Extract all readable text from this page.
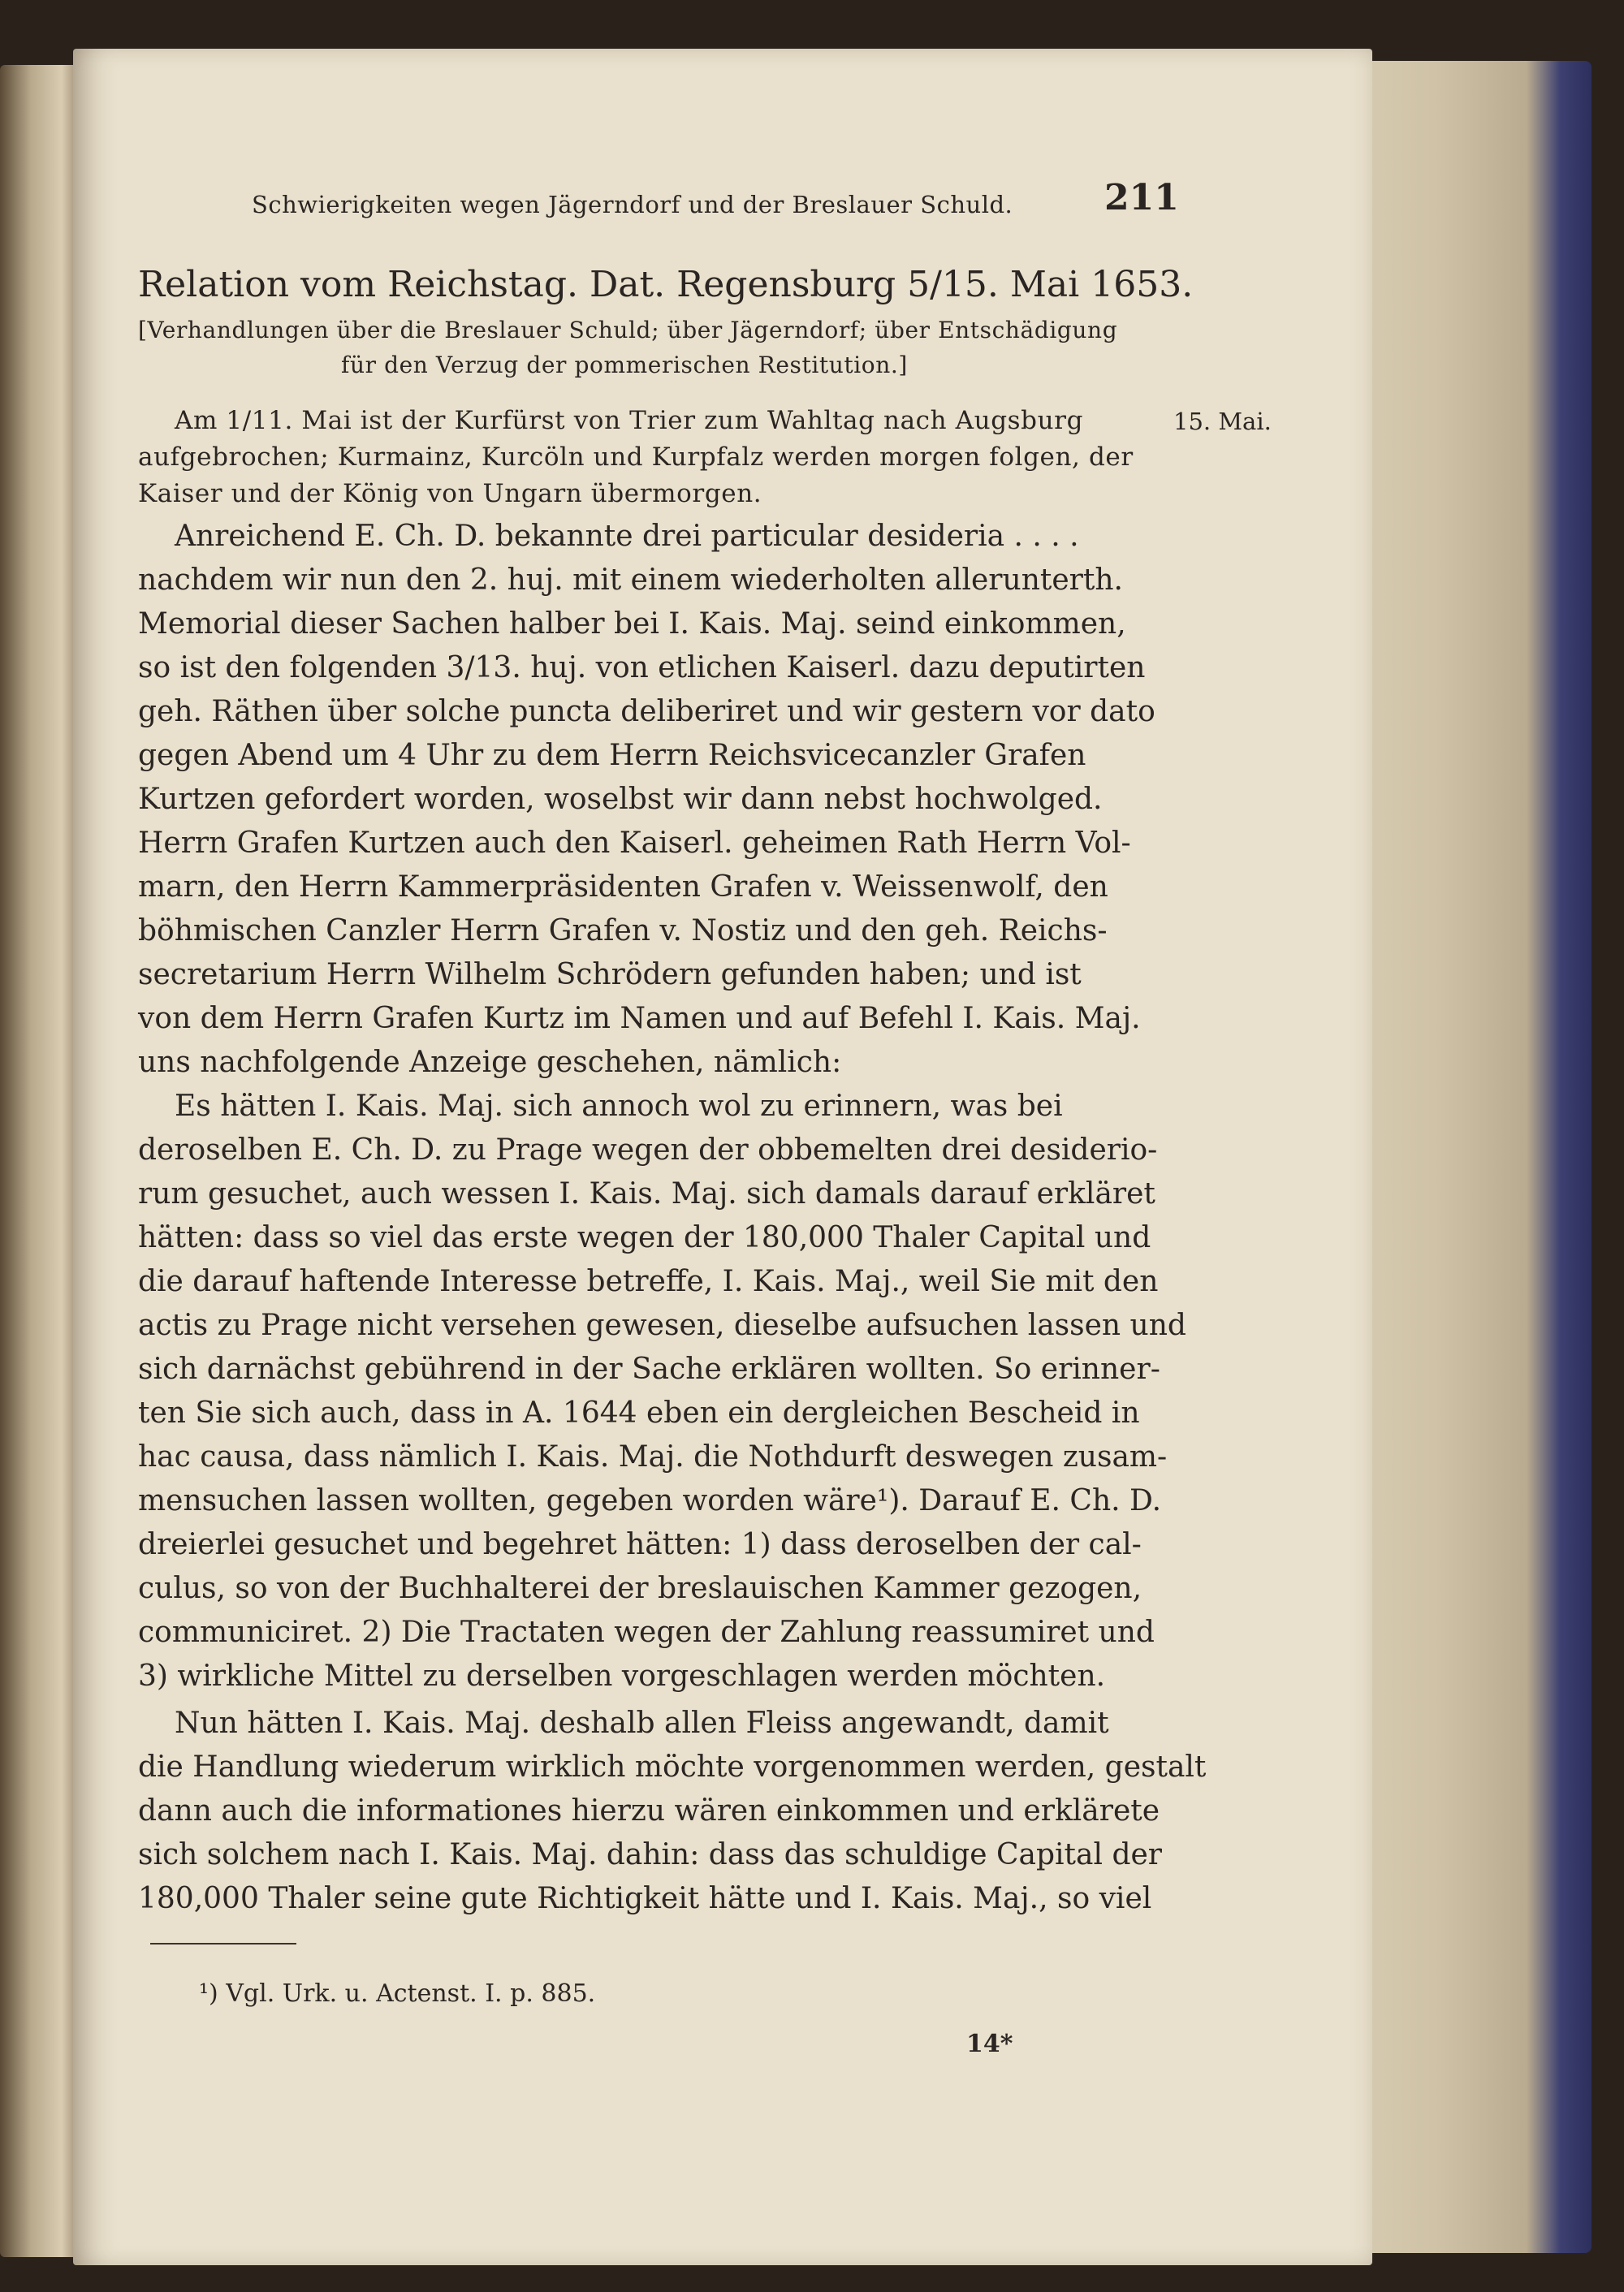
Schwierigkeiten wegen Jägerndorf und der Breslauer Schuld.	211
Relation vom Reichstag. Dat. Regensburg 5/15. Mai 1653.
[Verhandlungen über die Breslauer Schuld; über Jägerndorf; über Entschädigung
für den Verzug der pommerischen Restitution.]
Am 1/11. Mai ist der Kurfürst von Trier zum Wahltag nach Augsburg
aufgebrochen; Kurmainz, Kurcöln und Kurpfalz werden morgen folgen, der
Kaiser und der König von Ungarn übermorgen.
15. Mai.
Anreichend E. Ch. D. bekannte drei particular desideria . . . .
nachdem wir nun den 2. huj. mit einem wiederholten allerunterth.
Memorial dieser Sachen halber bei I. Kais. Maj. seind einkommen,
so ist den folgenden 3/13. huj. von etlichen Kaiserl. dazu deputirten
geh. Räthen über solche puncta deliberiret und wir gestern vor dato
gegen Abend um 4 Uhr zu dem Herrn Reichsvicecanzler Grafen
Kurtzen gefordert worden, woselbst wir dann nebst hochwolged.
Herrn Grafen Kurtzen auch den Kaiserl. geheimen Rath Herrn Vol-
marn, den Herrn Kammerpräsidenten Grafen v. Weissenwolf, den
böhmischen Canzler Herrn Grafen v. Nostiz und den geh. Reichs-
secretarium Herrn Wilhelm Schrödern gefunden haben; und ist
von dem Herrn Grafen Kurtz im Namen und auf Befehl I. Kais. Maj.
uns nachfolgende Anzeige geschehen, nämlich:
Es hätten I. Kais. Maj. sich annoch wol zu erinnern, was bei
deroselben E. Ch. D. zu Prage wegen der obbemelten drei desiderio-
rum gesuchet, auch wessen I. Kais. Maj. sich damals darauf erkläret
hätten: dass so viel das erste wegen der 180,000 Thaler Capital und
die darauf haftende Interesse betreffe, I. Kais. Maj., weil Sie mit den
actis zu Prage nicht versehen gewesen, dieselbe aufsuchen lassen und
sich darnächst gebührend in der Sache erklären wollten. So erinner-
ten Sie sich auch, dass in A. 1644 eben ein dergleichen Bescheid in
hac causa, dass nämlich I. Kais. Maj. die Nothdurft deswegen zusam-
mensuchen lassen wollten, gegeben worden wäre¹). Darauf E. Ch. D.
dreierlei gesuchet und begehret hätten: 1) dass deroselben der cal-
culus, so von der Buchhalterei der breslauischen Kammer gezogen,
communiciret. 2) Die Tractaten wegen der Zahlung reassumiret und
3) wirkliche Mittel zu derselben vorgeschlagen werden möchten.
Nun hätten I. Kais. Maj. deshalb allen Fleiss angewandt, damit
die Handlung wiederum wirklich möchte vorgenommen werden, gestalt
dann auch die informationes hierzu wären einkommen und erklärete
sich solchem nach I. Kais. Maj. dahin: dass das schuldige Capital der
180,000 Thaler seine gute Richtigkeit hätte und I. Kais. Maj., so viel
¹) Vgl. Urk. u. Actenst. I. p. 885.
14*
